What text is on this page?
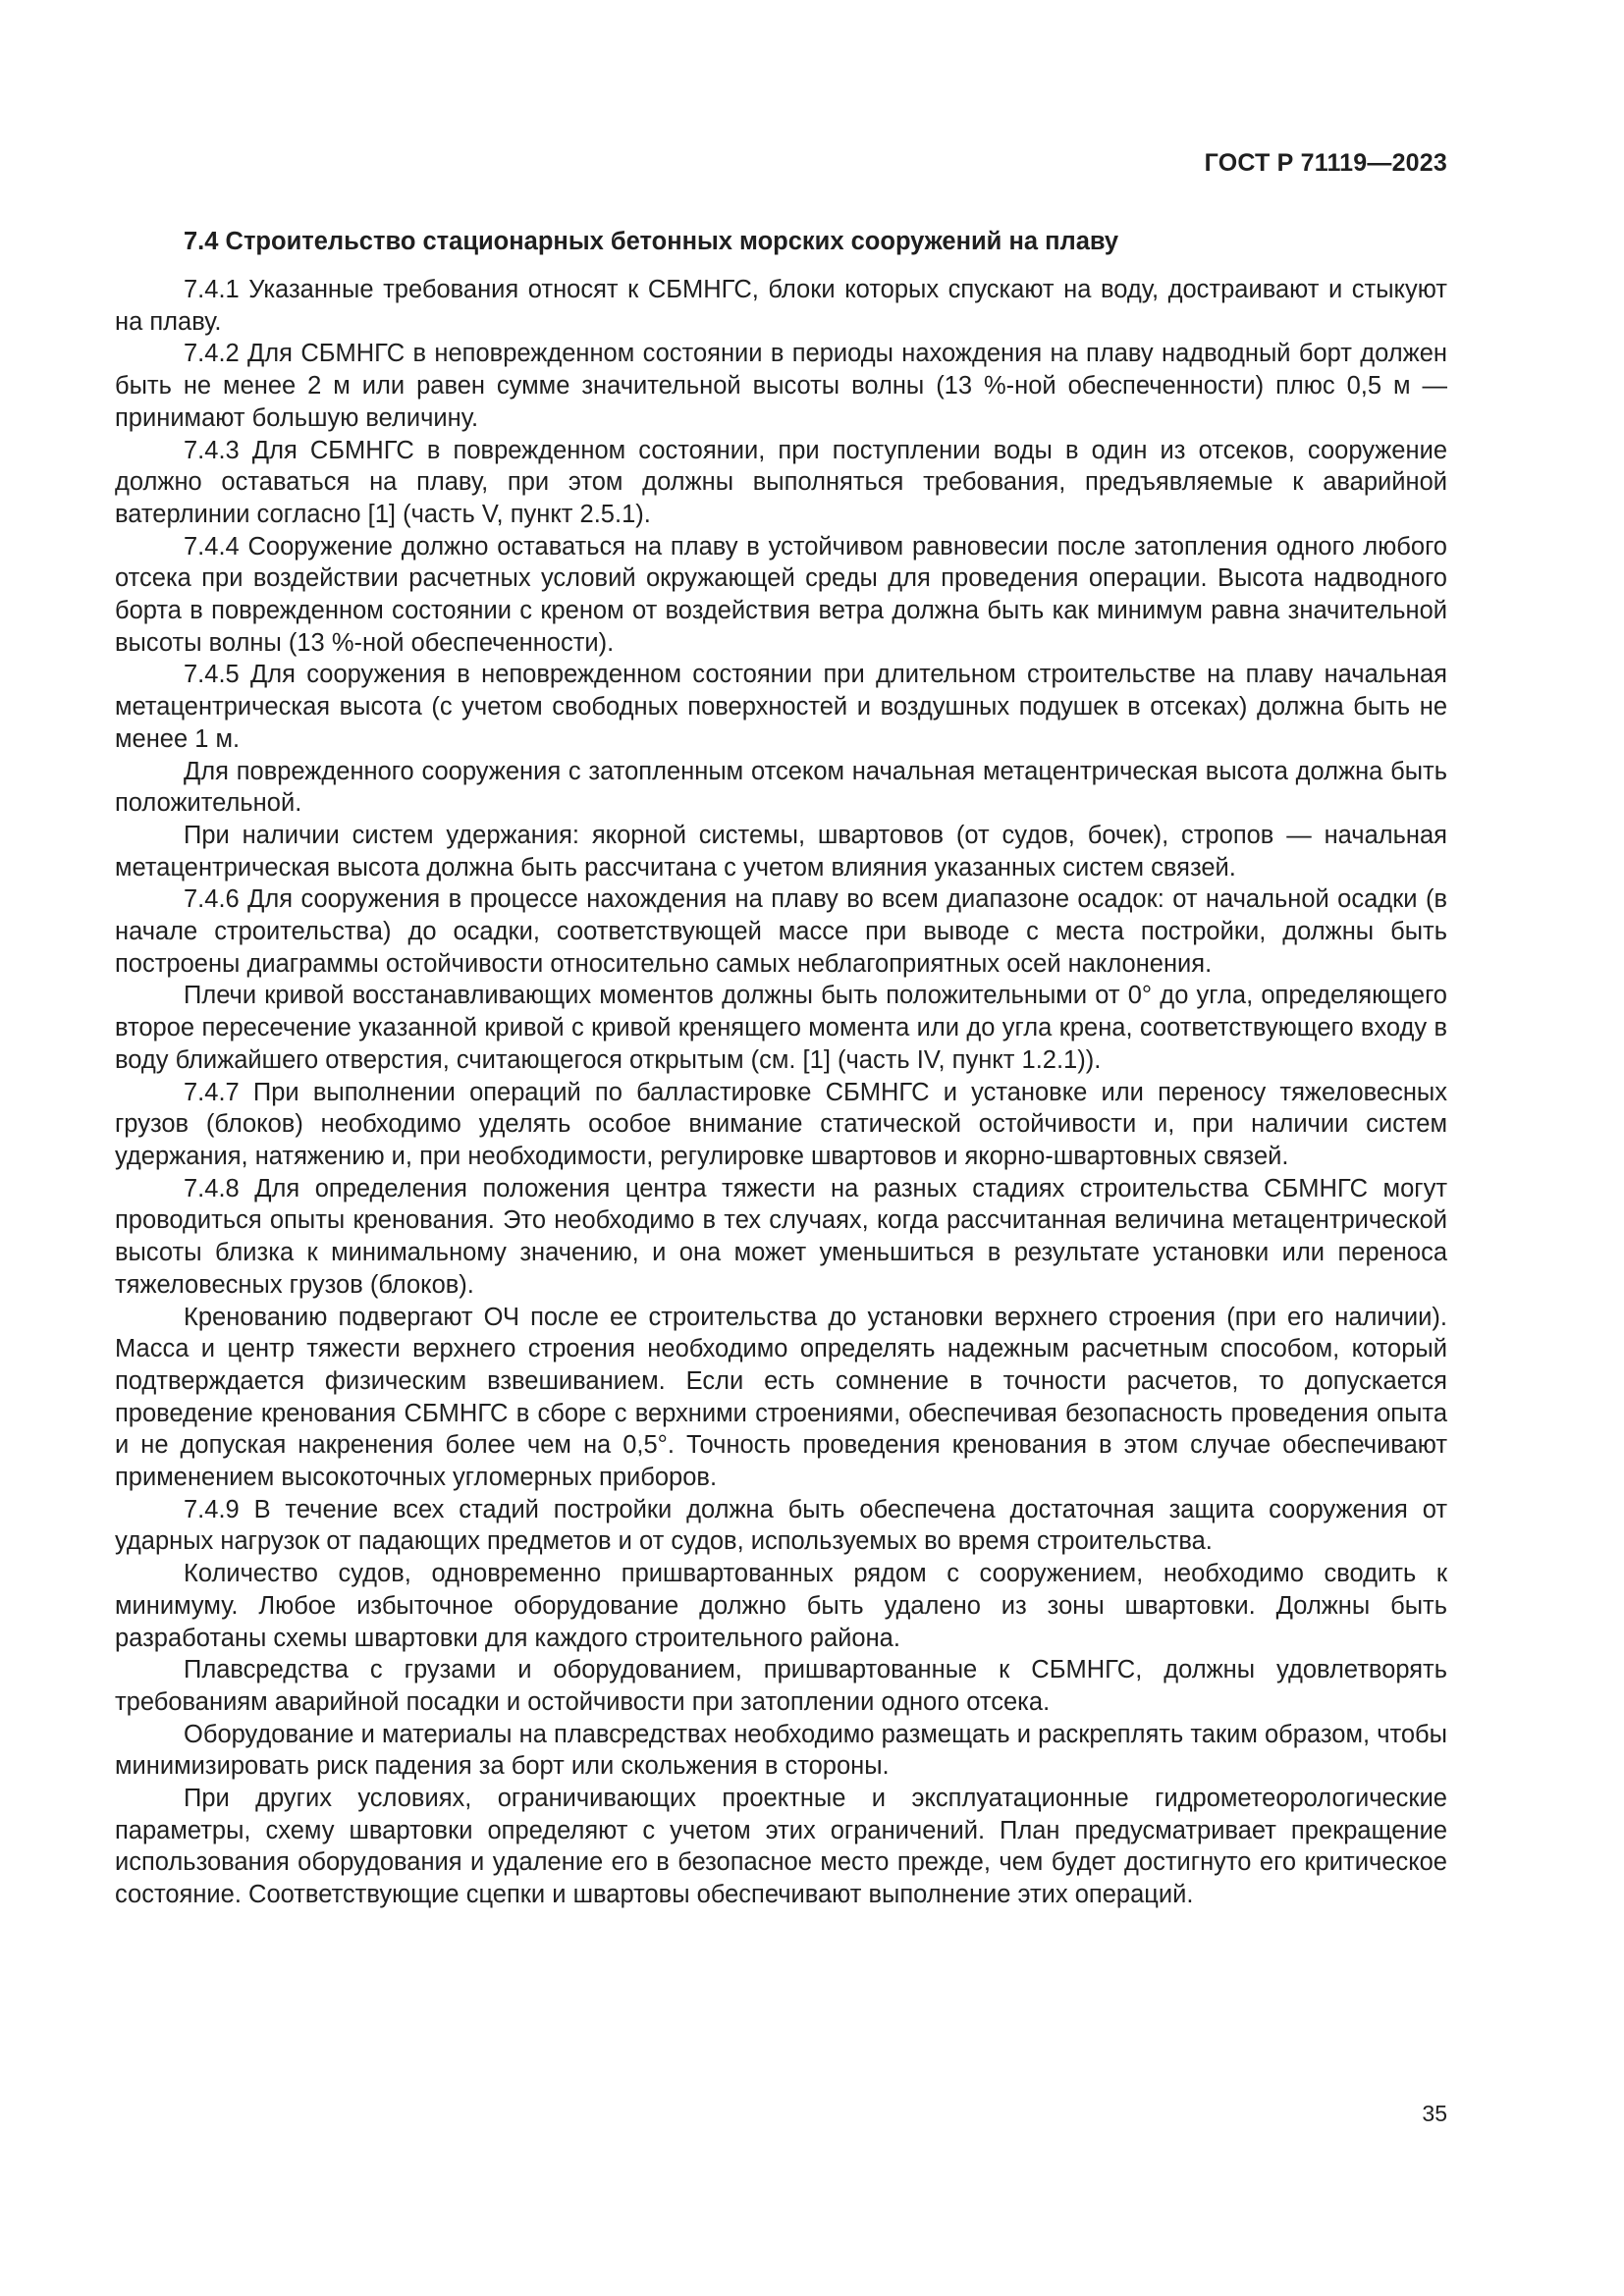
ГОСТ Р 71119—2023
7.4 Строительство стационарных бетонных морских сооружений на плаву

7.4.1 Указанные требования относят к СБМНГС, блоки которых спускают на воду, достраивают и стыкуют на плаву.

7.4.2 Для СБМНГС в неповрежденном состоянии в периоды нахождения на плаву надводный борт должен быть не менее 2 м или равен сумме значительной высоты волны (13 %-ной обеспеченности) плюс 0,5 м — принимают большую величину.

7.4.3 Для СБМНГС в поврежденном состоянии, при поступлении воды в один из отсеков, сооружение должно оставаться на плаву, при этом должны выполняться требования, предъявляемые к аварийной ватерлинии согласно [1] (часть V, пункт 2.5.1).

7.4.4 Сооружение должно оставаться на плаву в устойчивом равновесии после затопления одного любого отсека при воздействии расчетных условий окружающей среды для проведения операции. Высота надводного борта в поврежденном состоянии с креном от воздействия ветра должна быть как минимум равна значительной высоты волны (13 %-ной обеспеченности).

7.4.5 Для сооружения в неповрежденном состоянии при длительном строительстве на плаву начальная метацентрическая высота (с учетом свободных поверхностей и воздушных подушек в отсеках) должна быть не менее 1 м.

Для поврежденного сооружения с затопленным отсеком начальная метацентрическая высота должна быть положительной.

При наличии систем удержания: якорной системы, швартовов (от судов, бочек), стропов — начальная метацентрическая высота должна быть рассчитана с учетом влияния указанных систем связей.

7.4.6 Для сооружения в процессе нахождения на плаву во всем диапазоне осадок: от начальной осадки (в начале строительства) до осадки, соответствующей массе при выводе с места постройки, должны быть построены диаграммы остойчивости относительно самых неблагоприятных осей наклонения.

Плечи кривой восстанавливающих моментов должны быть положительными от 0° до угла, определяющего второе пересечение указанной кривой с кривой кренящего момента или до угла крена, соответствующего входу в воду ближайшего отверстия, считающегося открытым (см. [1] (часть IV, пункт 1.2.1)).

7.4.7 При выполнении операций по балластировке СБМНГС и установке или переносу тяжеловесных грузов (блоков) необходимо уделять особое внимание статической остойчивости и, при наличии систем удержания, натяжению и, при необходимости, регулировке швартовов и якорно-швартовных связей.

7.4.8 Для определения положения центра тяжести на разных стадиях строительства СБМНГС могут проводиться опыты кренования. Это необходимо в тех случаях, когда рассчитанная величина метацентрической высоты близка к минимальному значению, и она может уменьшиться в результате установки или переноса тяжеловесных грузов (блоков).

Кренованию подвергают ОЧ после ее строительства до установки верхнего строения (при его наличии). Масса и центр тяжести верхнего строения необходимо определять надежным расчетным способом, который подтверждается физическим взвешиванием. Если есть сомнение в точности расчетов, то допускается проведение кренования СБМНГС в сборе с верхними строениями, обеспечивая безопасность проведения опыта и не допуская накренения более чем на 0,5°. Точность проведения кренования в этом случае обеспечивают применением высокоточных угломерных приборов.

7.4.9 В течение всех стадий постройки должна быть обеспечена достаточная защита сооружения от ударных нагрузок от падающих предметов и от судов, используемых во время строительства.

Количество судов, одновременно пришвартованных рядом с сооружением, необходимо сводить к минимуму. Любое избыточное оборудование должно быть удалено из зоны швартовки. Должны быть разработаны схемы швартовки для каждого строительного района.

Плавсредства с грузами и оборудованием, пришвартованные к СБМНГС, должны удовлетворять требованиям аварийной посадки и остойчивости при затоплении одного отсека.

Оборудование и материалы на плавсредствах необходимо размещать и раскреплять таким образом, чтобы минимизировать риск падения за борт или скольжения в стороны.

При других условиях, ограничивающих проектные и эксплуатационные гидрометеорологические параметры, схему швартовки определяют с учетом этих ограничений. План предусматривает прекращение использования оборудования и удаление его в безопасное место прежде, чем будет достигнуто его критическое состояние. Соответствующие сцепки и швартовы обеспечивают выполнение этих операций.

35
